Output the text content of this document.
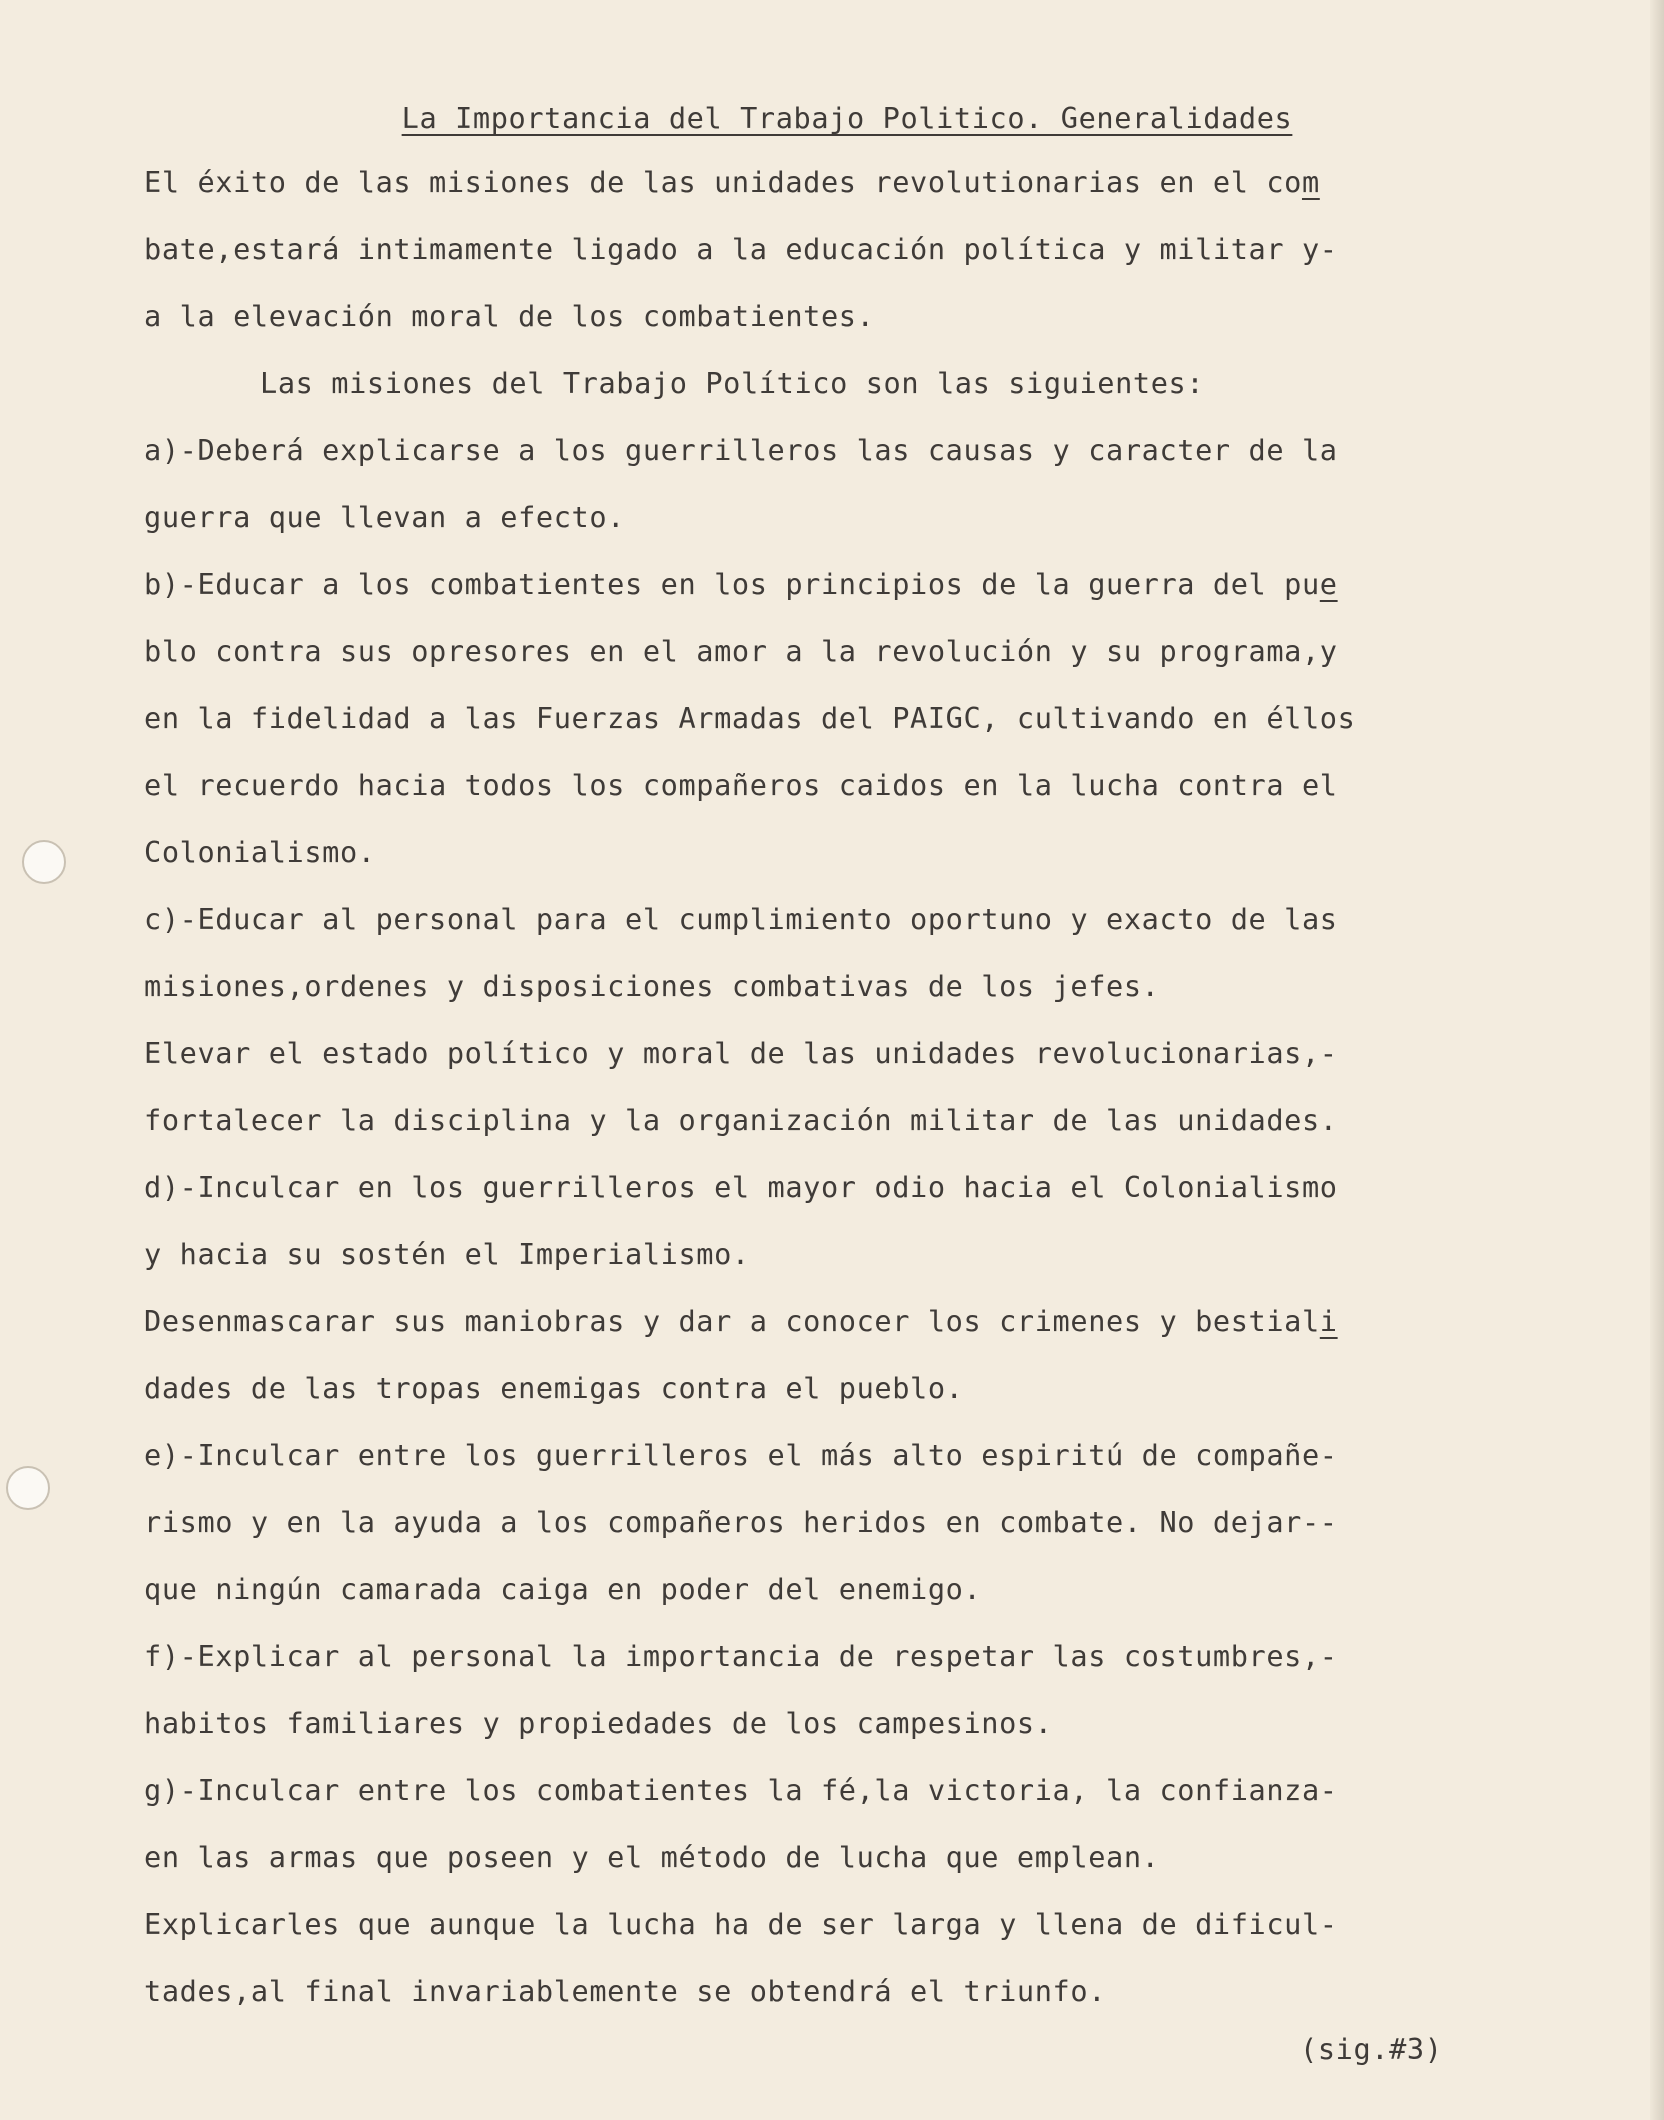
La Importancia del Trabajo Politico. Generalidades
El éxito de las misiones de las unidades revolutionarias en el com
bate,estará intimamente ligado a la educación política y militar y-
a la elevación moral de los combatientes.
Las misiones del Trabajo Político son las siguientes:
a)-Deberá explicarse a los guerrilleros las causas y caracter de la
guerra que llevan a efecto.
b)-Educar a los combatientes en los principios de la guerra del pue
blo contra sus opresores en el amor a la revolución y su programa,y
en la fidelidad a las Fuerzas Armadas del PAIGC, cultivando en éllos
el recuerdo hacia todos los compañeros caidos en la lucha contra el
Colonialismo.
c)-Educar al personal para el cumplimiento oportuno y exacto de las
misiones,ordenes y disposiciones combativas de los jefes.
Elevar el estado político y moral de las unidades revolucionarias,-
fortalecer la disciplina y la organización militar de las unidades.
d)-Inculcar en los guerrilleros el mayor odio hacia el Colonialismo
y hacia su sostén el Imperialismo.
Desenmascarar sus maniobras y dar a conocer los crimenes y bestiali
dades de las tropas enemigas contra el pueblo.
e)-Inculcar entre los guerrilleros el más alto espiritú de compañe-
rismo y en la ayuda a los compañeros heridos en combate. No dejar--
que ningún camarada caiga en poder del enemigo.
f)-Explicar al personal la importancia de respetar las costumbres,-
habitos familiares y propiedades de los campesinos.
g)-Inculcar entre los combatientes la fé,la victoria, la confianza-
en las armas que poseen y el método de lucha que emplean.
Explicarles que aunque la lucha ha de ser larga y llena de dificul-
tades,al final invariablemente se obtendrá el triunfo.
(sig.#3)
